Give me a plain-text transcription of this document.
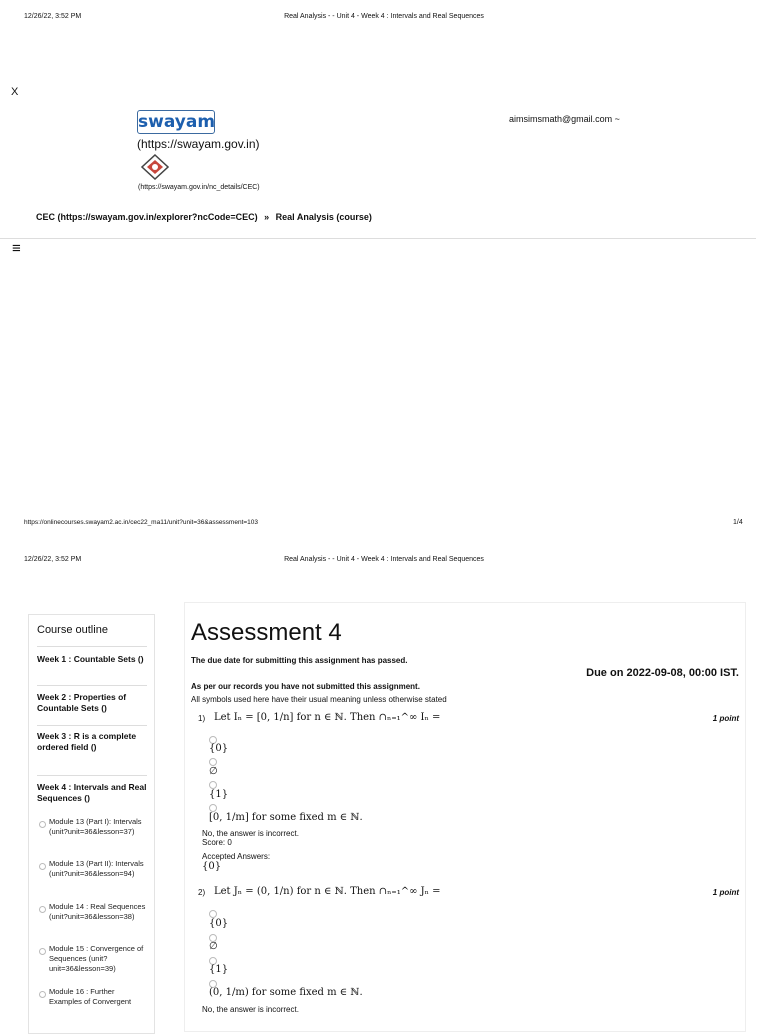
12/26/22, 3:52 PM	Real Analysis - - Unit 4 - Week 4 : Intervals and Real Sequences
X
swayam
(https://swayam.gov.in)
(https://swayam.gov.in/nc_details/CEC)
aimsimsmath@gmail.com ~
CEC (https://swayam.gov.in/explorer?ncCode=CEC) » Real Analysis (course)
≡
https://onlinecourses.swayam2.ac.in/cec22_ma11/unit?unit=36&assessment=103	1/4
12/26/22, 3:52 PM	Real Analysis - - Unit 4 - Week 4 : Intervals and Real Sequences
Course outline
Week 1 : Countable Sets ()
Week 2 : Properties of Countable Sets ()
Week 3 : R is a complete ordered field ()
Week 4 : Intervals and Real Sequences ()
Module 13 (Part I): Intervals (unit?unit=36&lesson=37)
Module 13 (Part II): Intervals (unit?unit=36&lesson=94)
Module 14 : Real Sequences (unit?unit=36&lesson=38)
Module 15 : Convergence of Sequences (unit?unit=36&lesson=39)
Module 16 : Further Examples of Convergent
Assessment 4
The due date for submitting this assignment has passed.
Due on 2022-09-08, 00:00 IST.
As per our records you have not submitted this assignment.
All symbols used here have their usual meaning unless otherwise stated
1) Let Iₙ = [0, 1/n] for n ∈ ℕ. Then ∩ₙ₌₁^∞ Iₙ =	1 point
{0}
∅
{1}
[0, 1/m] for some fixed m ∈ ℕ.
No, the answer is incorrect.
Score: 0
Accepted Answers:
{0}
2) Let Jₙ = (0, 1/n) for n ∈ ℕ. Then ∩ₙ₌₁^∞ Jₙ =	1 point
{0}
∅
{1}
(0, 1/m) for some fixed m ∈ ℕ.
No, the answer is incorrect.
